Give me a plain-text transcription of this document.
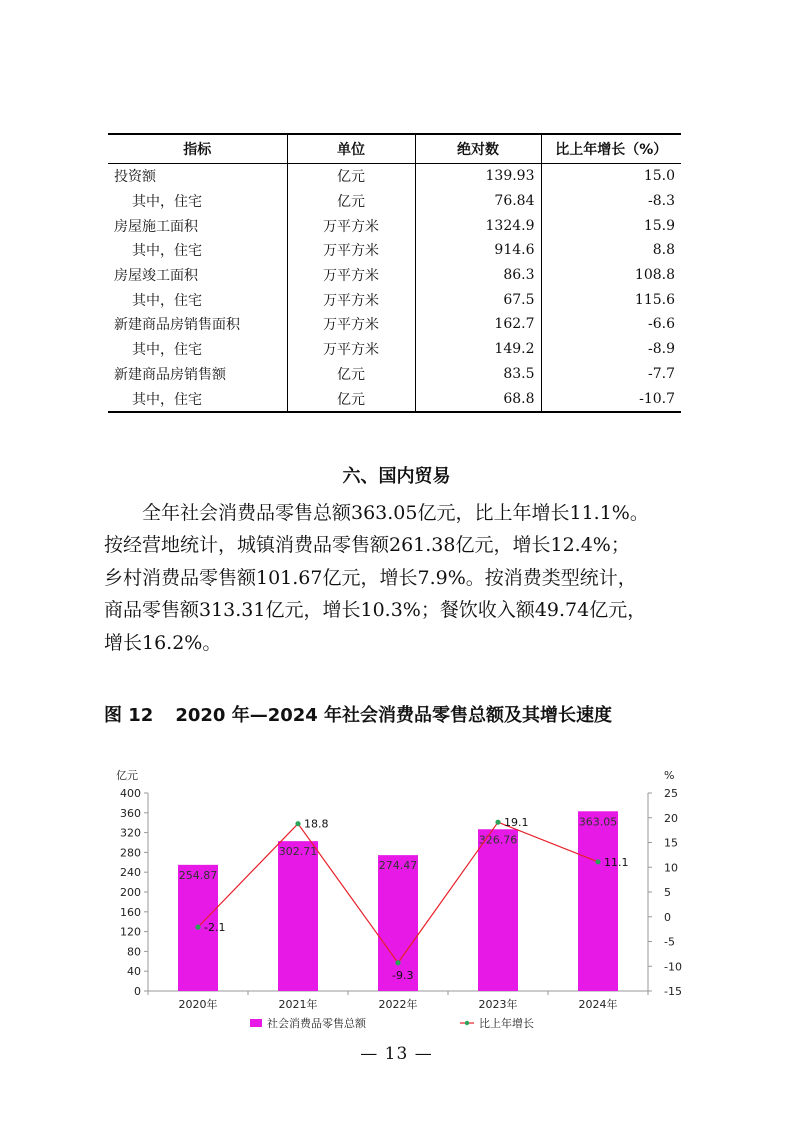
指标	单位	绝对数	比上年增长（%）
投资额	亿元	139.93	15.0
其中，住宅	亿元	76.84	-8.3
房屋施工面积	万平方米	1324.9	15.9
其中，住宅	万平方米	914.6	8.8
房屋竣工面积	万平方米	86.3	108.8
其中，住宅	万平方米	67.5	115.6
新建商品房销售面积	万平方米	162.7	-6.6
其中，住宅	万平方米	149.2	-8.9
新建商品房销售额	亿元	83.5	-7.7
其中，住宅	亿元	68.8	-10.7
六、国内贸易

全年社会消费品零售总额363.05亿元，比上年增长11.1%。

按经营地统计，城镇消费品零售额261.38亿元，增长12.4%；

乡村消费品零售额101.67亿元，增长7.9%。按消费类型统计，

商品零售额313.31亿元，增长10.3%；餐饮收入额49.74亿元，

增长16.2%。

图 12 2020 年—2024 年社会消费品零售总额及其增长速度
亿元	%
0
40
80
120
160
200
240
280
320
360
400
-15
-10
-5
0
5
10
15
20
25
2020年	2021年	2022年	2023年	2024年
254.87
302.71
274.47
326.76
363.05
-2.1
18.8
-9.3
19.1
11.1
社会消费品零售总额	比上年增长

— 13 —
